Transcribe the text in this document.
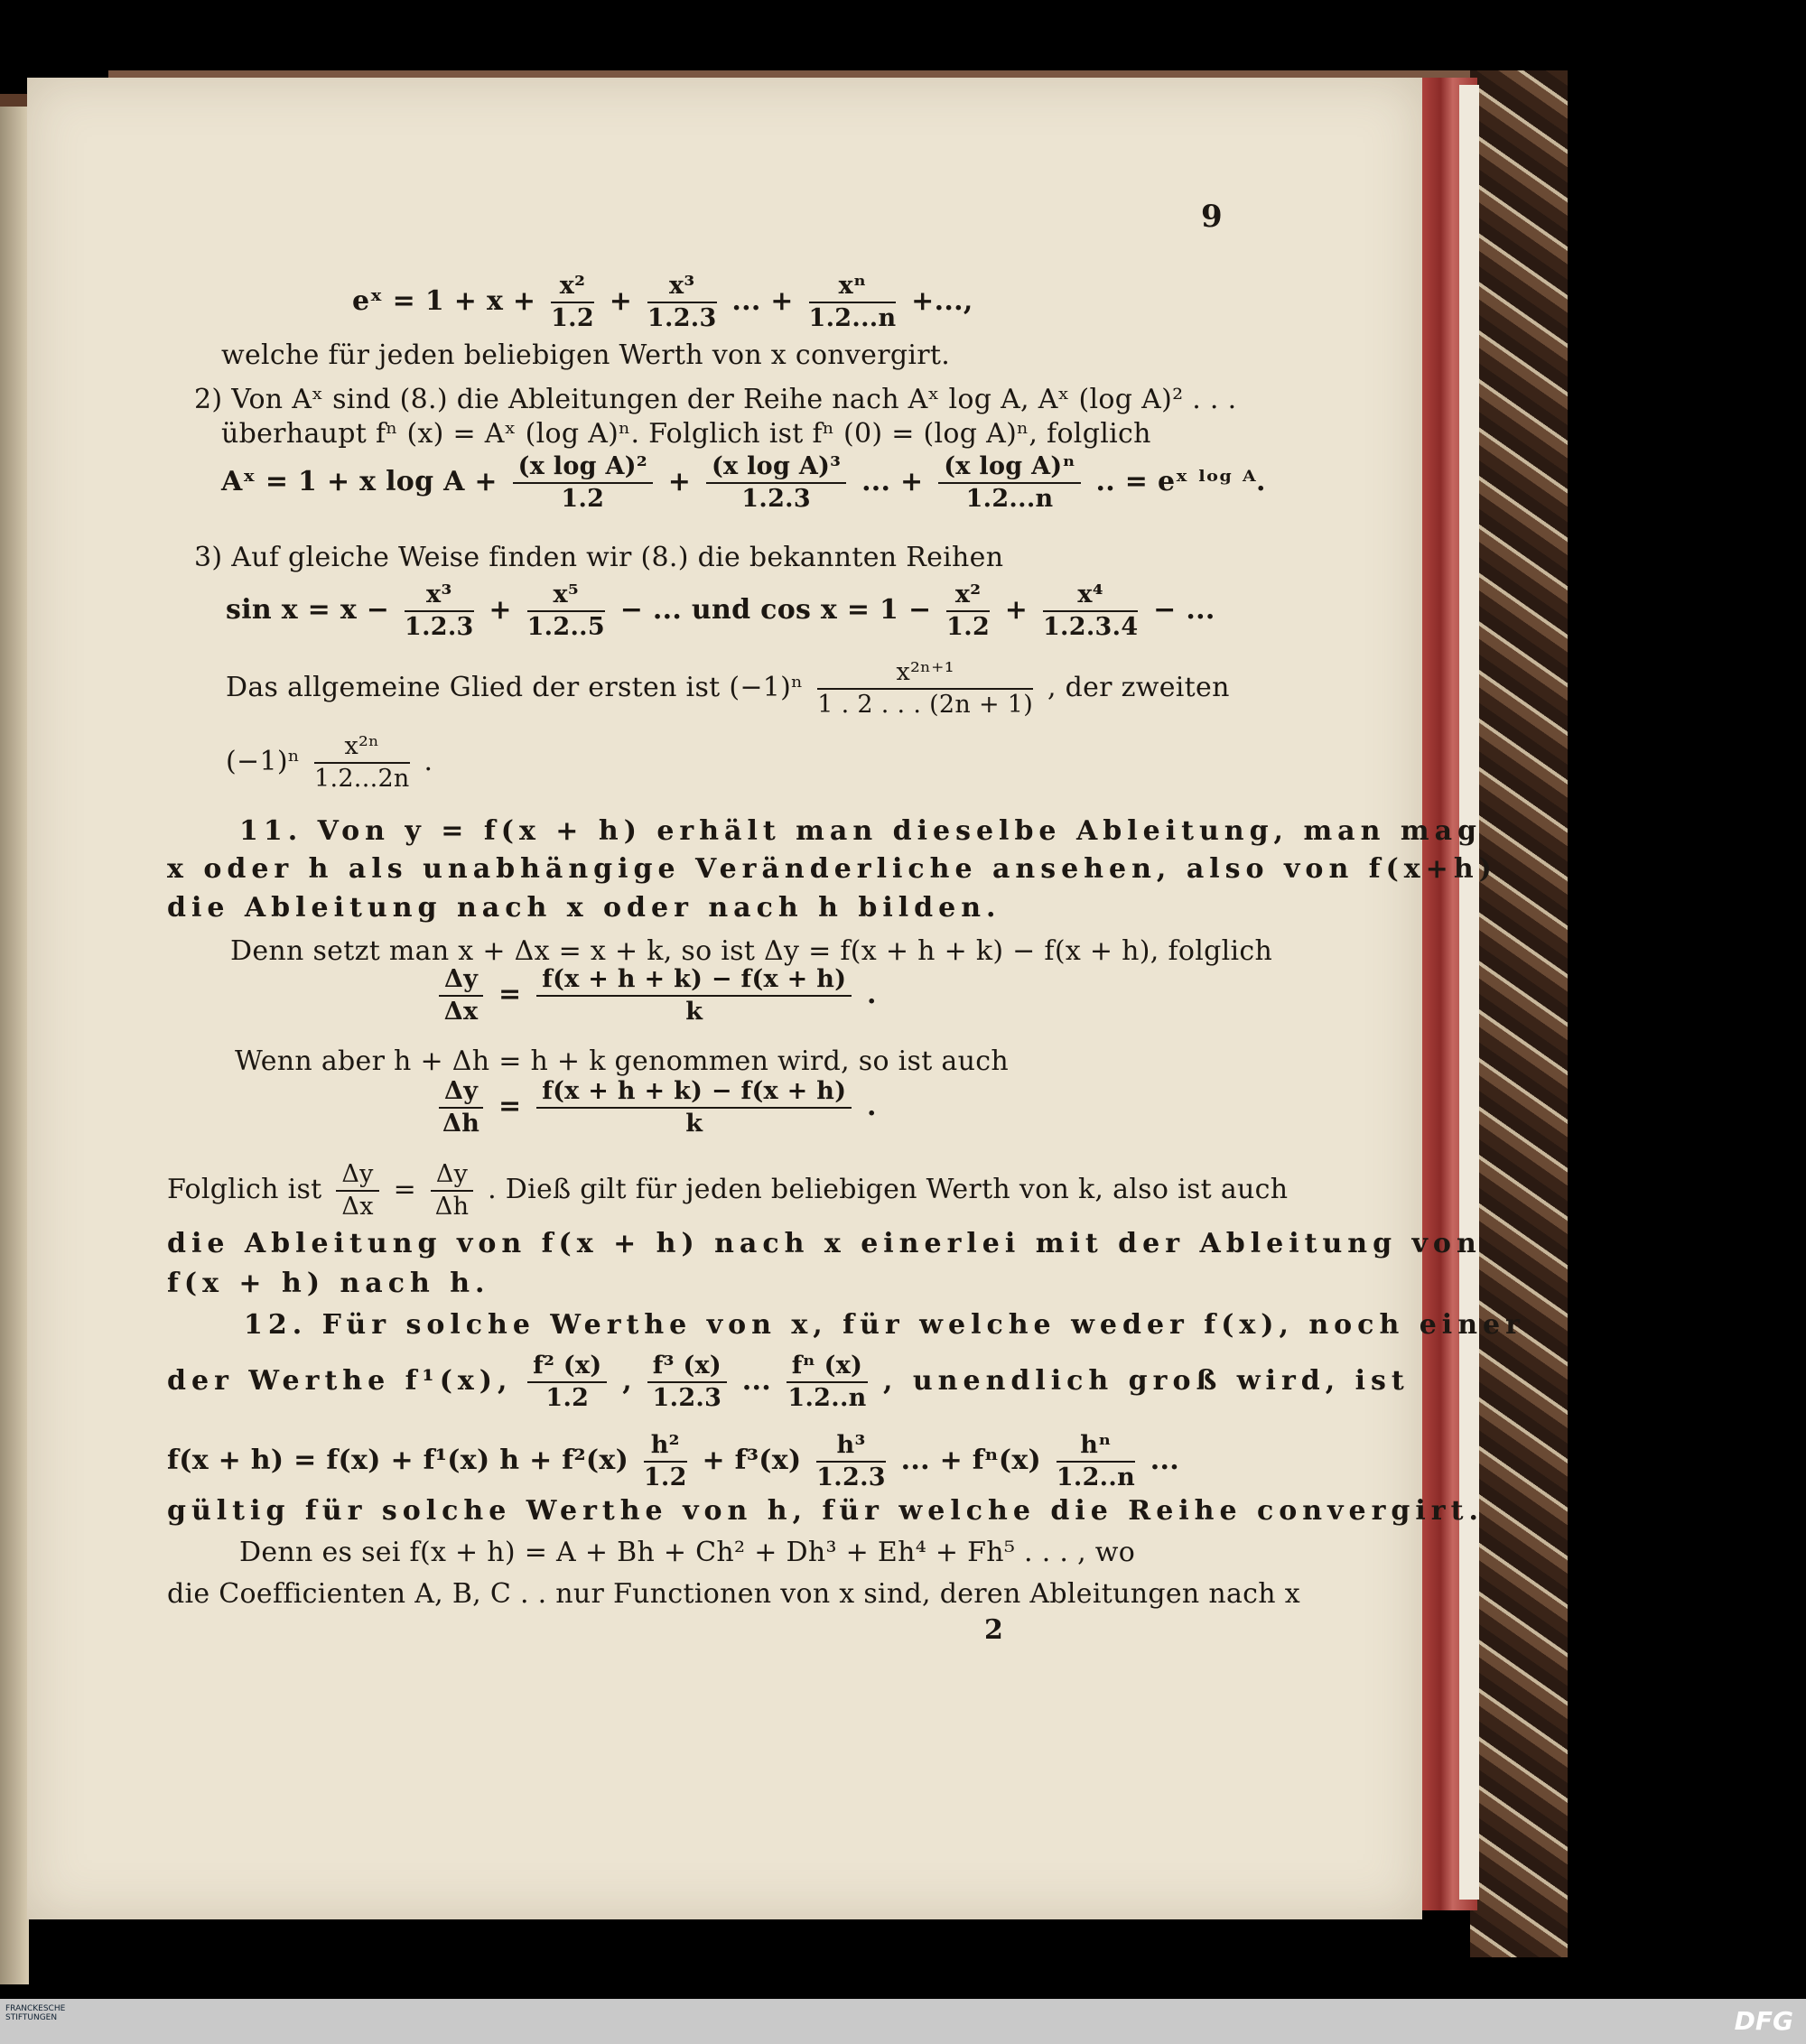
9
eˣ = $1 + x + \frac{\text{x²}}{1.2} + \frac{\text{x³}}{1.2.3}$ ... + $\frac{\text{xⁿ}}{1.2...n}$ +...,
welche für jeden beliebigen Werth von x convergirt.
2) Von Aˣ sind (8.) die Ableitungen der Reihe nach Aˣ log A, Aˣ (log A)² . . .
überhaupt fⁿ (x) = Aˣ (log A)ⁿ. Folglich ist fⁿ (0) = (log A)ⁿ, folglich
Aˣ = 1 + x $\log A + \frac{\text{(x log A)²}}{1.2} + \frac{\text{(x log A)³}}{1.2.3}$ ... + $\frac{\text{(x log A)ⁿ}}{1.2...n}$ .. = eˣ ˡᵒᵍ ᴬ.
3) Auf gleiche Weise finden wir (8.) die bekannten Reihen
$\sin x = x - \frac{\text{x³}}{1.2.3} + \frac{\text{x⁵}}{1.2..5}$ − ... und $\cos x = 1 - \frac{\text{x²}}{1.2} + \frac{\text{x⁴}}{1.2.3.4}$ − ...
Das allgemeine Glied der ersten ist $(-1)^n \frac{\text{x²ⁿ⁺¹}}{1 . 2 . . . (2n + 1)}$ , der zweiten
$(-1)^n \frac{\text{x²ⁿ}}{1.2...2n}$ .
11. Von y = f(x + h) erhält man dieselbe Ableitung, man mag
x oder h als unabhängige Veränderliche ansehen, also von f(x+h)
die Ableitung nach x oder nach h bilden.
Denn setzt man x + Δx = x + k, so ist Δy = f(x + h + k) − f(x + h), folglich
$\frac{\Delta y}{\Delta x} = \frac{f(x + h + k) - f(x + h)}{k}$ .
Wenn aber h + Δh = h + k genommen wird, so ist auch
$\frac{\Delta y}{\Delta h} = \frac{f(x + h + k) - f(x + h)}{k}$ .
Folglich ist $\frac{\Delta y}{\Delta x} = \frac{\Delta y}{\Delta h}$ . Dieß gilt für jeden beliebigen Werth von k, also ist auch
die Ableitung von f(x + h) nach x einerlei mit der Ableitung von
f(x + h) nach h.
12. Für solche Werthe von x, für welche weder f(x), noch einer
der Werthe f¹(x), $\frac{\text{f² (x)}}{1.2}$ , $\frac{\text{f³ (x)}}{1.2.3}$ ... $\frac{\text{fⁿ (x)}}{1.2..n}$ , unendlich groß wird, ist
f(x + h) = f(x) + f¹(x) $h + f^2(x) \frac{\text{h²}}{1.2} + f^3(x) \frac{\text{h³}}{1.2.3}$ ... + $f^n(x) \frac{\text{hⁿ}}{1.2..n}$ ...
gültig für solche Werthe von h, für welche die Reihe convergirt.
Denn es sei f(x + h) = A + Bh + Ch² + Dh³ + Eh⁴ + Fh⁵ . . . , wo
die Coefficienten A, B, C . . nur Functionen von x sind, deren Ableitungen nach x
2
FRANCKESCHE STIFTUNGEN	DFG
